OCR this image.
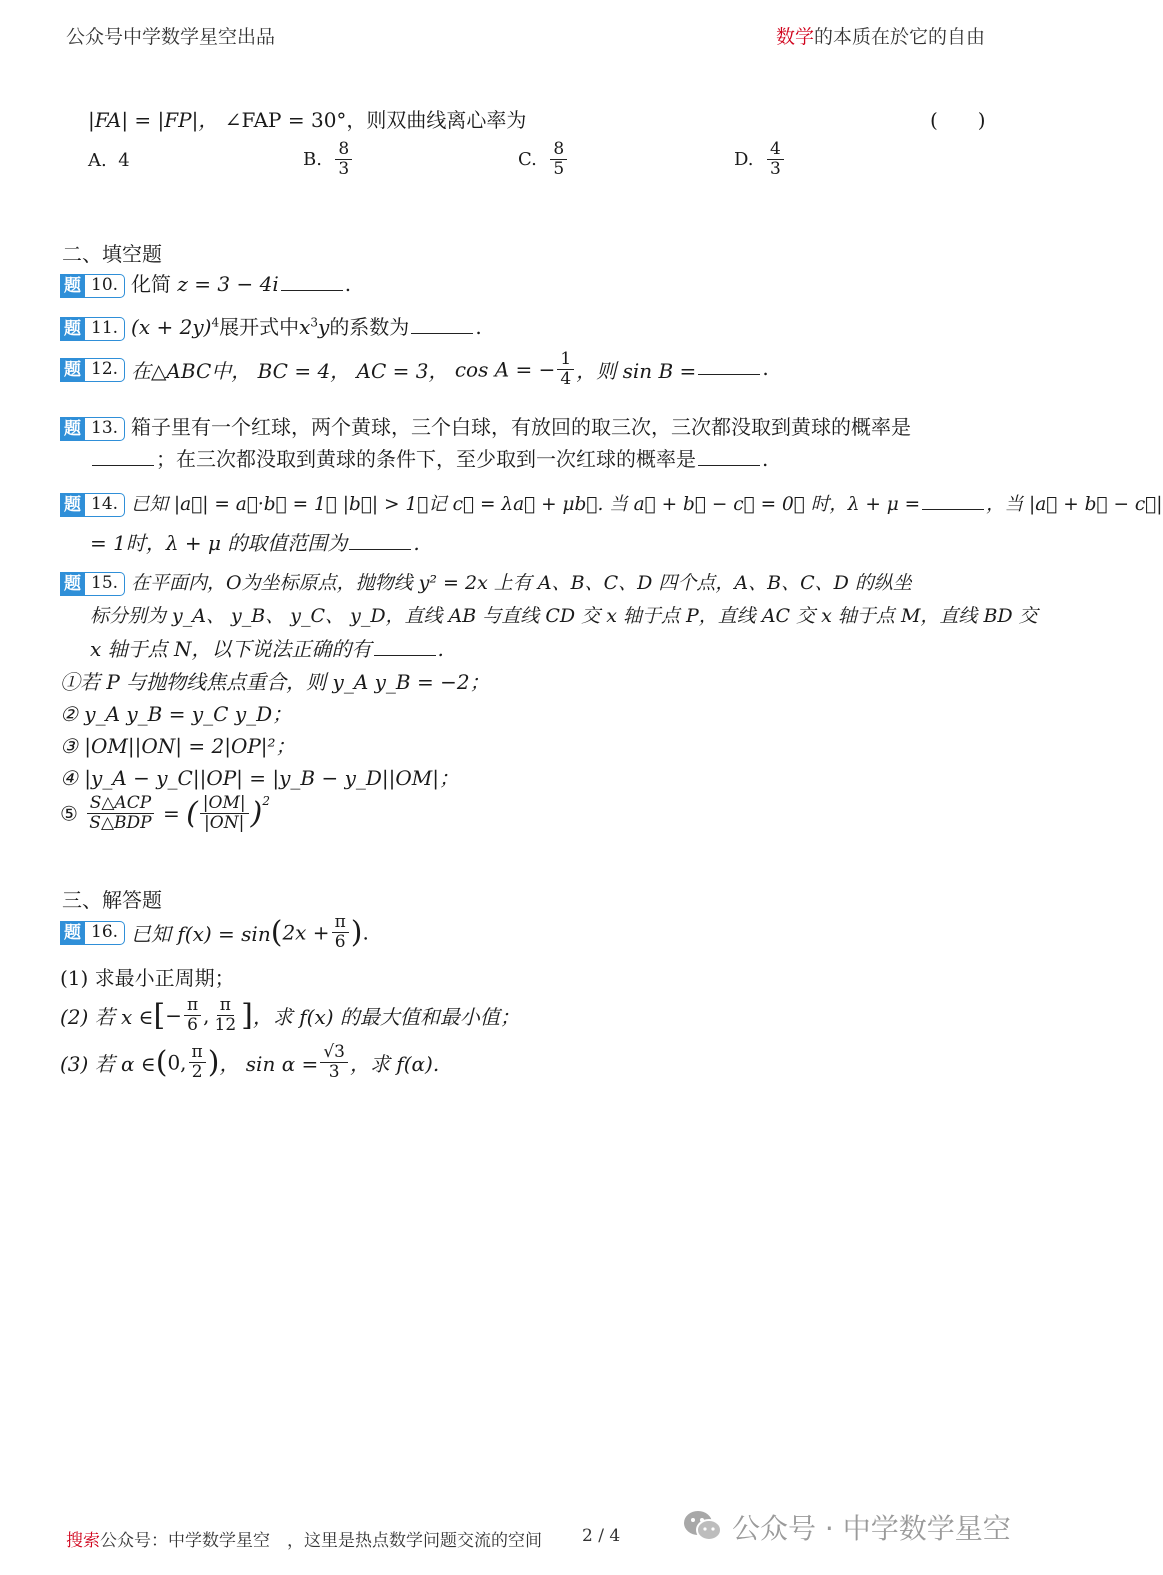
公众号中学数学星空出品	数学的本质在於它的自由
|FA| = |FP|， ∠FAP = 30°，则双曲线离心率为	(　　)
A. 4	B. $\frac{8}{3}$	C. $\frac{8}{5}$	D. $\frac{4}{3}$
二、填空题
题 10. 化简 z = 3 − 4i	.
题 11. $(x + 2y)^4$展开式中$x^3y$的系数为	.
题 12. 在△ABC中， BC = 4， AC = 3， cos A = − $\frac{1}{4}$ ，则 sin B =	.
题 13. 箱子里有一个红球，两个黄球，三个白球，有放回的取三次，三次都没取到黄球的概率是
；在三次都没取到黄球的条件下，至少取到一次红球的概率是	.
题 14. 已知 |a⃗| = a⃗·b⃗ = 1， |b⃗| > 1，记 c⃗ = λa⃗ + μb⃗. 当 a⃗ + b⃗ − c⃗ = 0⃗ 时，λ + μ =	，当 |a⃗ + b⃗ − c⃗|
= 1时，λ + μ 的取值范围为	.
题 15. 在平面内，O为坐标原点，抛物线 y² = 2x 上有 A、B、C、D 四个点，A、B、C、D 的纵坐
标分别为 y_A、 y_B、 y_C、 y_D，直线 AB 与直线 CD 交 x 轴于点 P，直线 AC 交 x 轴于点 M，直线 BD 交
x 轴于点 N，以下说法正确的有	.
①若 P 与抛物线焦点重合，则 y_A y_B = −2；
② y_A y_B = y_C y_D；
③ |OM||ON| = 2|OP|²；
④ |y_A − y_C||OP| = |y_B − y_D||OM|；
⑤ $\frac{\text{S△ACP}}{\text{S△BDP}}$ = ( $\frac{|OM|}{|ON|} )^2$
三、解答题
题 16. 已知 $f(x) = \sin(2x + \frac{\pi}{6}$ ).
(1) 求最小正周期；
(2) 若 x ∈[− $\frac{\pi}{6}$ , $\frac{\pi}{12}$ ]，求 f(x) 的最大值和最小值；
(3) 若 α ∈(0, $\frac{\pi}{2}$ )， $\sin \alpha = \frac{√3}{3}$ ，求 f(α).
搜索公众号：中学数学星空　，这里是热点数学问题交流的空间 2 / 4	公众号 · 中学数学星空
